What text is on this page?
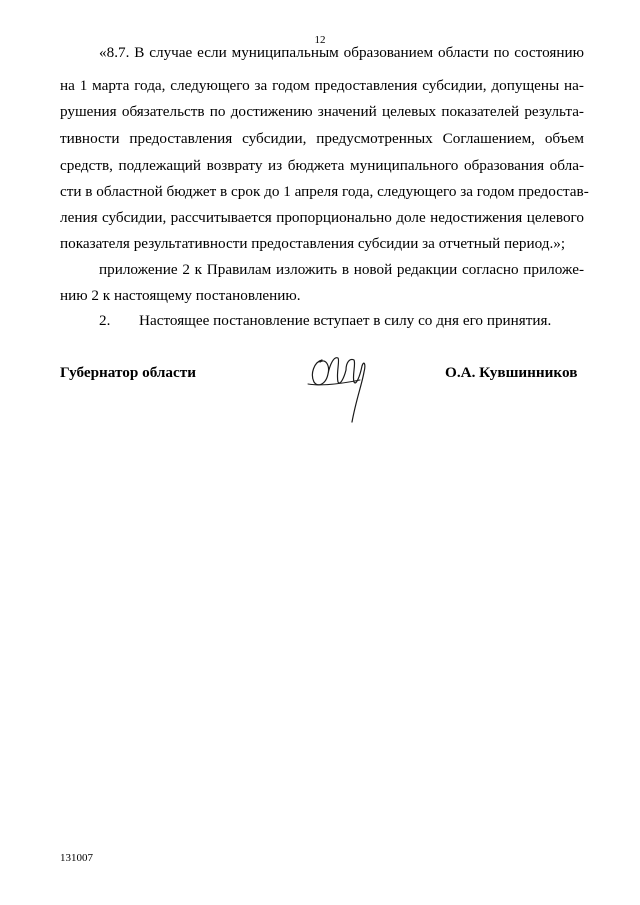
12
«8.7. В случае если муниципальным образованием области по состоянию
на 1 марта года, следующего за годом предоставления субсидии, допущены на-
рушения обязательств по достижению значений целевых показателей результа-
тивности предоставления субсидии, предусмотренных Соглашением, объем
средств, подлежащий возврату из бюджета муниципального образования обла-
сти в областной бюджет в срок до 1 апреля года, следующего за годом предостав-
ления субсидии, рассчитывается пропорционально доле недостижения целевого
показателя результативности предоставления субсидии за отчетный период.»;
приложение 2 к Правилам изложить в новой редакции согласно приложе-
нию 2 к настоящему постановлению.
2. Настоящее постановление вступает в силу со дня его принятия.
Губернатор области	О.А. Кувшинников
131007
